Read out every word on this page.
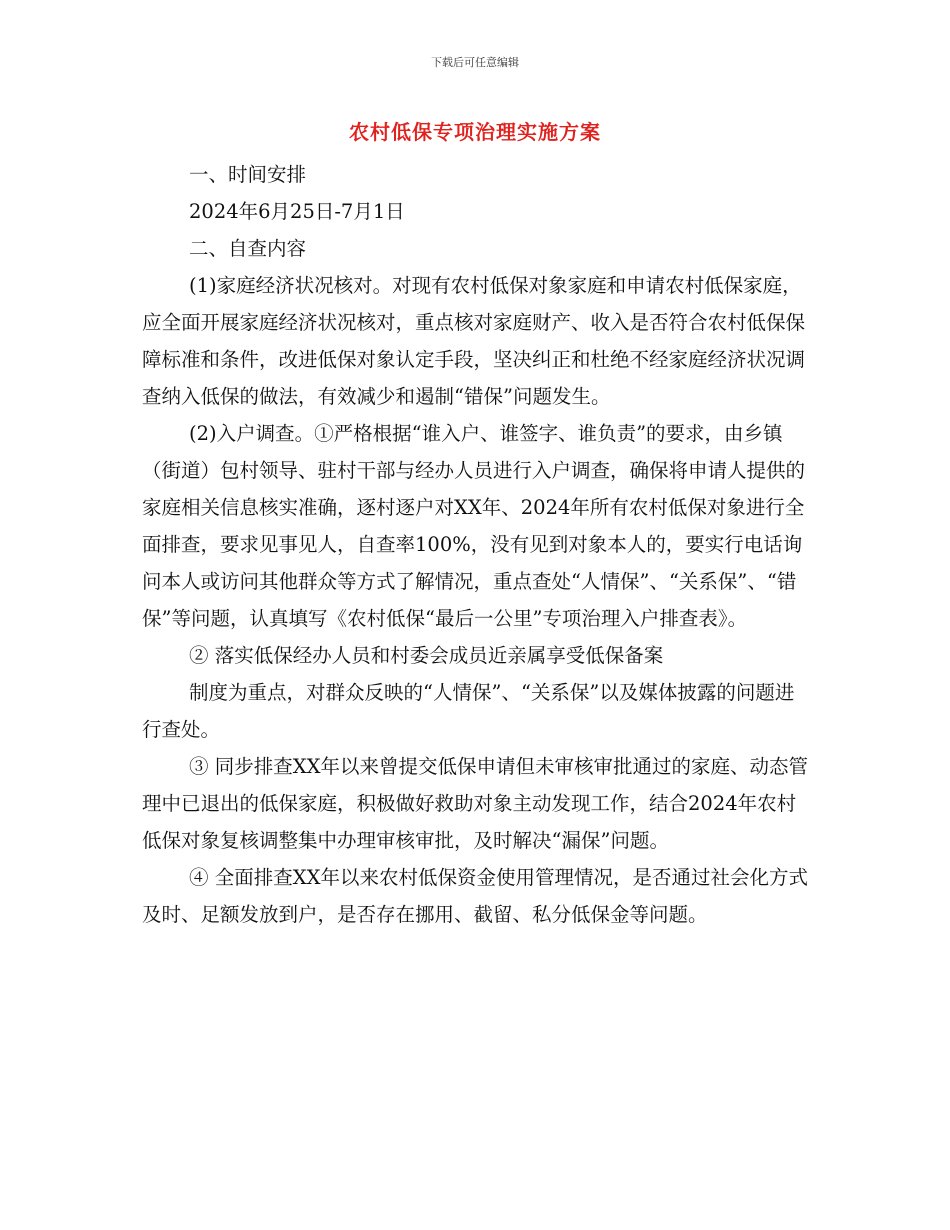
下载后可任意编辑
农村低保专项治理实施方案
一、时间安排
2024年6月25日-7月1日
二、自查内容

(1)家庭经济状况核对。对现有农村低保对象家庭和申请农村低保家庭，应全面开展家庭经济状况核对，重点核对家庭财产、收入是否符合农村低保保障标准和条件，改进低保对象认定手段，坚决纠正和杜绝不经家庭经济状况调查纳入低保的做法，有效减少和遏制“错保”问题发生。

(2)入户调查。①严格根据“谁入户、谁签字、谁负责”的要求，由乡镇（街道）包村领导、驻村干部与经办人员进行入户调查，确保将申请人提供的家庭相关信息核实准确，逐村逐户对XX年、2024年所有农村低保对象进行全面排查，要求见事见人，自查率100%，没有见到对象本人的，要实行电话询问本人或访问其他群众等方式了解情况，重点查处“人情保”、“关系保”、“错保”等问题，认真填写《农村低保“最后一公里”专项治理入户排查表》。

② 落实低保经办人员和村委会成员近亲属享受低保备案

制度为重点，对群众反映的“人情保”、“关系保”以及媒体披露的问题进行查处。

③ 同步排查XX年以来曾提交低保申请但未审核审批通过的家庭、动态管理中已退出的低保家庭，积极做好救助对象主动发现工作，结合2024年农村低保对象复核调整集中办理审核审批，及时解决“漏保”问题。

④ 全面排查XX年以来农村低保资金使用管理情况，是否通过社会化方式及时、足额发放到户，是否存在挪用、截留、私分低保金等问题。
